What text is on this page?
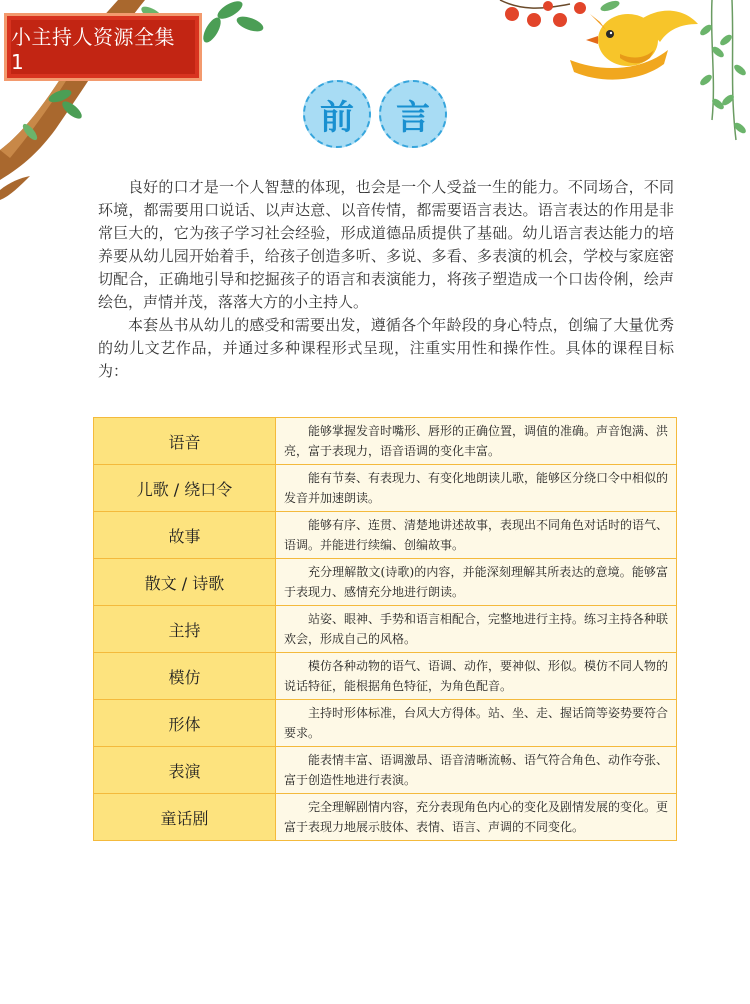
小主持人资源全集 1
前	言

良好的口才是一个人智慧的体现，也会是一个人受益一生的能力。不同场合，不同环境，都需要用口说话、以声达意、以音传情，都需要语言表达。语言表达的作用是非常巨大的，它为孩子学习社会经验，形成道德品质提供了基础。幼儿语言表达能力的培养要从幼儿园开始着手，给孩子创造多听、多说、多看、多表演的机会，学校与家庭密切配合，正确地引导和挖掘孩子的语言和表演能力，将孩子塑造成一个口齿伶俐，绘声绘色，声情并茂，落落大方的小主持人。

本套丛书从幼儿的感受和需要出发，遵循各个年龄段的身心特点，创编了大量优秀的幼儿文艺作品，并通过多种课程形式呈现，注重实用性和操作性。具体的课程目标为：

语音	能够掌握发音时嘴形、唇形的正确位置，调值的准确。声音饱满、洪亮，富于表现力，语音语调的变化丰富。
儿歌 / 绕口令	能有节奏、有表现力、有变化地朗读儿歌，能够区分绕口令中相似的发音并加速朗读。
故事	能够有序、连贯、清楚地讲述故事，表现出不同角色对话时的语气、语调。并能进行续编、创编故事。
散文 / 诗歌	充分理解散文(诗歌)的内容，并能深刻理解其所表达的意境。能够富于表现力、感情充分地进行朗读。
主持	站姿、眼神、手势和语言相配合，完整地进行主持。练习主持各种联欢会，形成自己的风格。
模仿	模仿各种动物的语气、语调、动作，要神似、形似。模仿不同人物的说话特征，能根据角色特征，为角色配音。
形体	主持时形体标准，台风大方得体。站、坐、走、握话筒等姿势要符合要求。
表演	能表情丰富、语调激昂、语音清晰流畅、语气符合角色、动作夸张、富于创造性地进行表演。
童话剧	完全理解剧情内容，充分表现角色内心的变化及剧情发展的变化。更富于表现力地展示肢体、表情、语言、声调的不同变化。
